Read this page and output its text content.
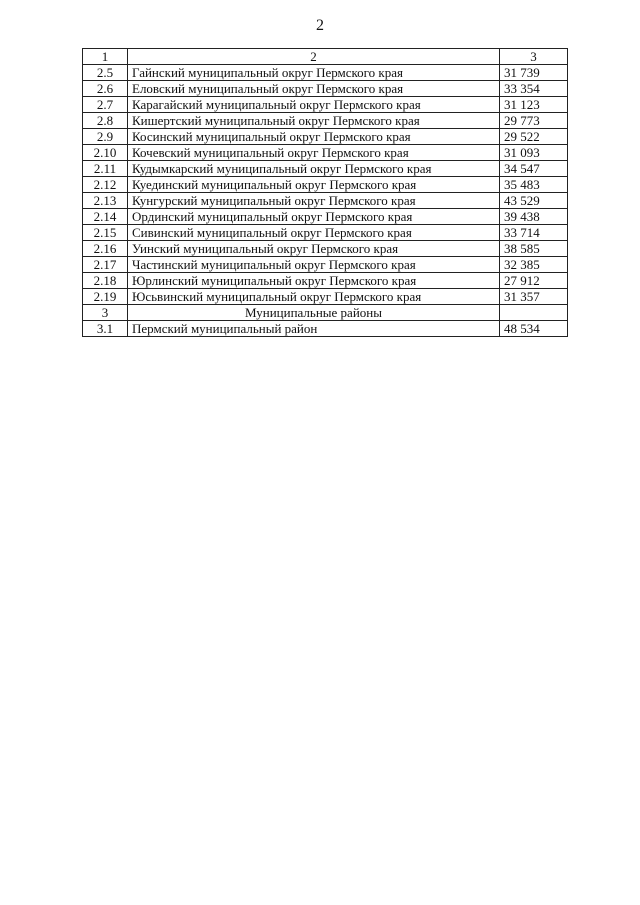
2
1	2	3
2.5	Гайнский муниципальный округ Пермского края	31 739
2.6	Еловский муниципальный округ Пермского края	33 354
2.7	Карагайский муниципальный округ Пермского края	31 123
2.8	Кишертский муниципальный округ Пермского края	29 773
2.9	Косинский муниципальный округ Пермского края	29 522
2.10	Кочевский муниципальный округ Пермского края	31 093
2.11	Кудымкарский муниципальный округ Пермского края	34 547
2.12	Куединский муниципальный округ Пермского края	35 483
2.13	Кунгурский муниципальный округ Пермского края	43 529
2.14	Ординский муниципальный округ Пермского края	39 438
2.15	Сивинский муниципальный округ Пермского края	33 714
2.16	Уинский муниципальный округ Пермского края	38 585
2.17	Частинский муниципальный округ Пермского края	32 385
2.18	Юрлинский муниципальный округ Пермского края	27 912
2.19	Юсьвинский муниципальный округ Пермского края	31 357
3	Муниципальные районы	
3.1	Пермский муниципальный район	48 534
